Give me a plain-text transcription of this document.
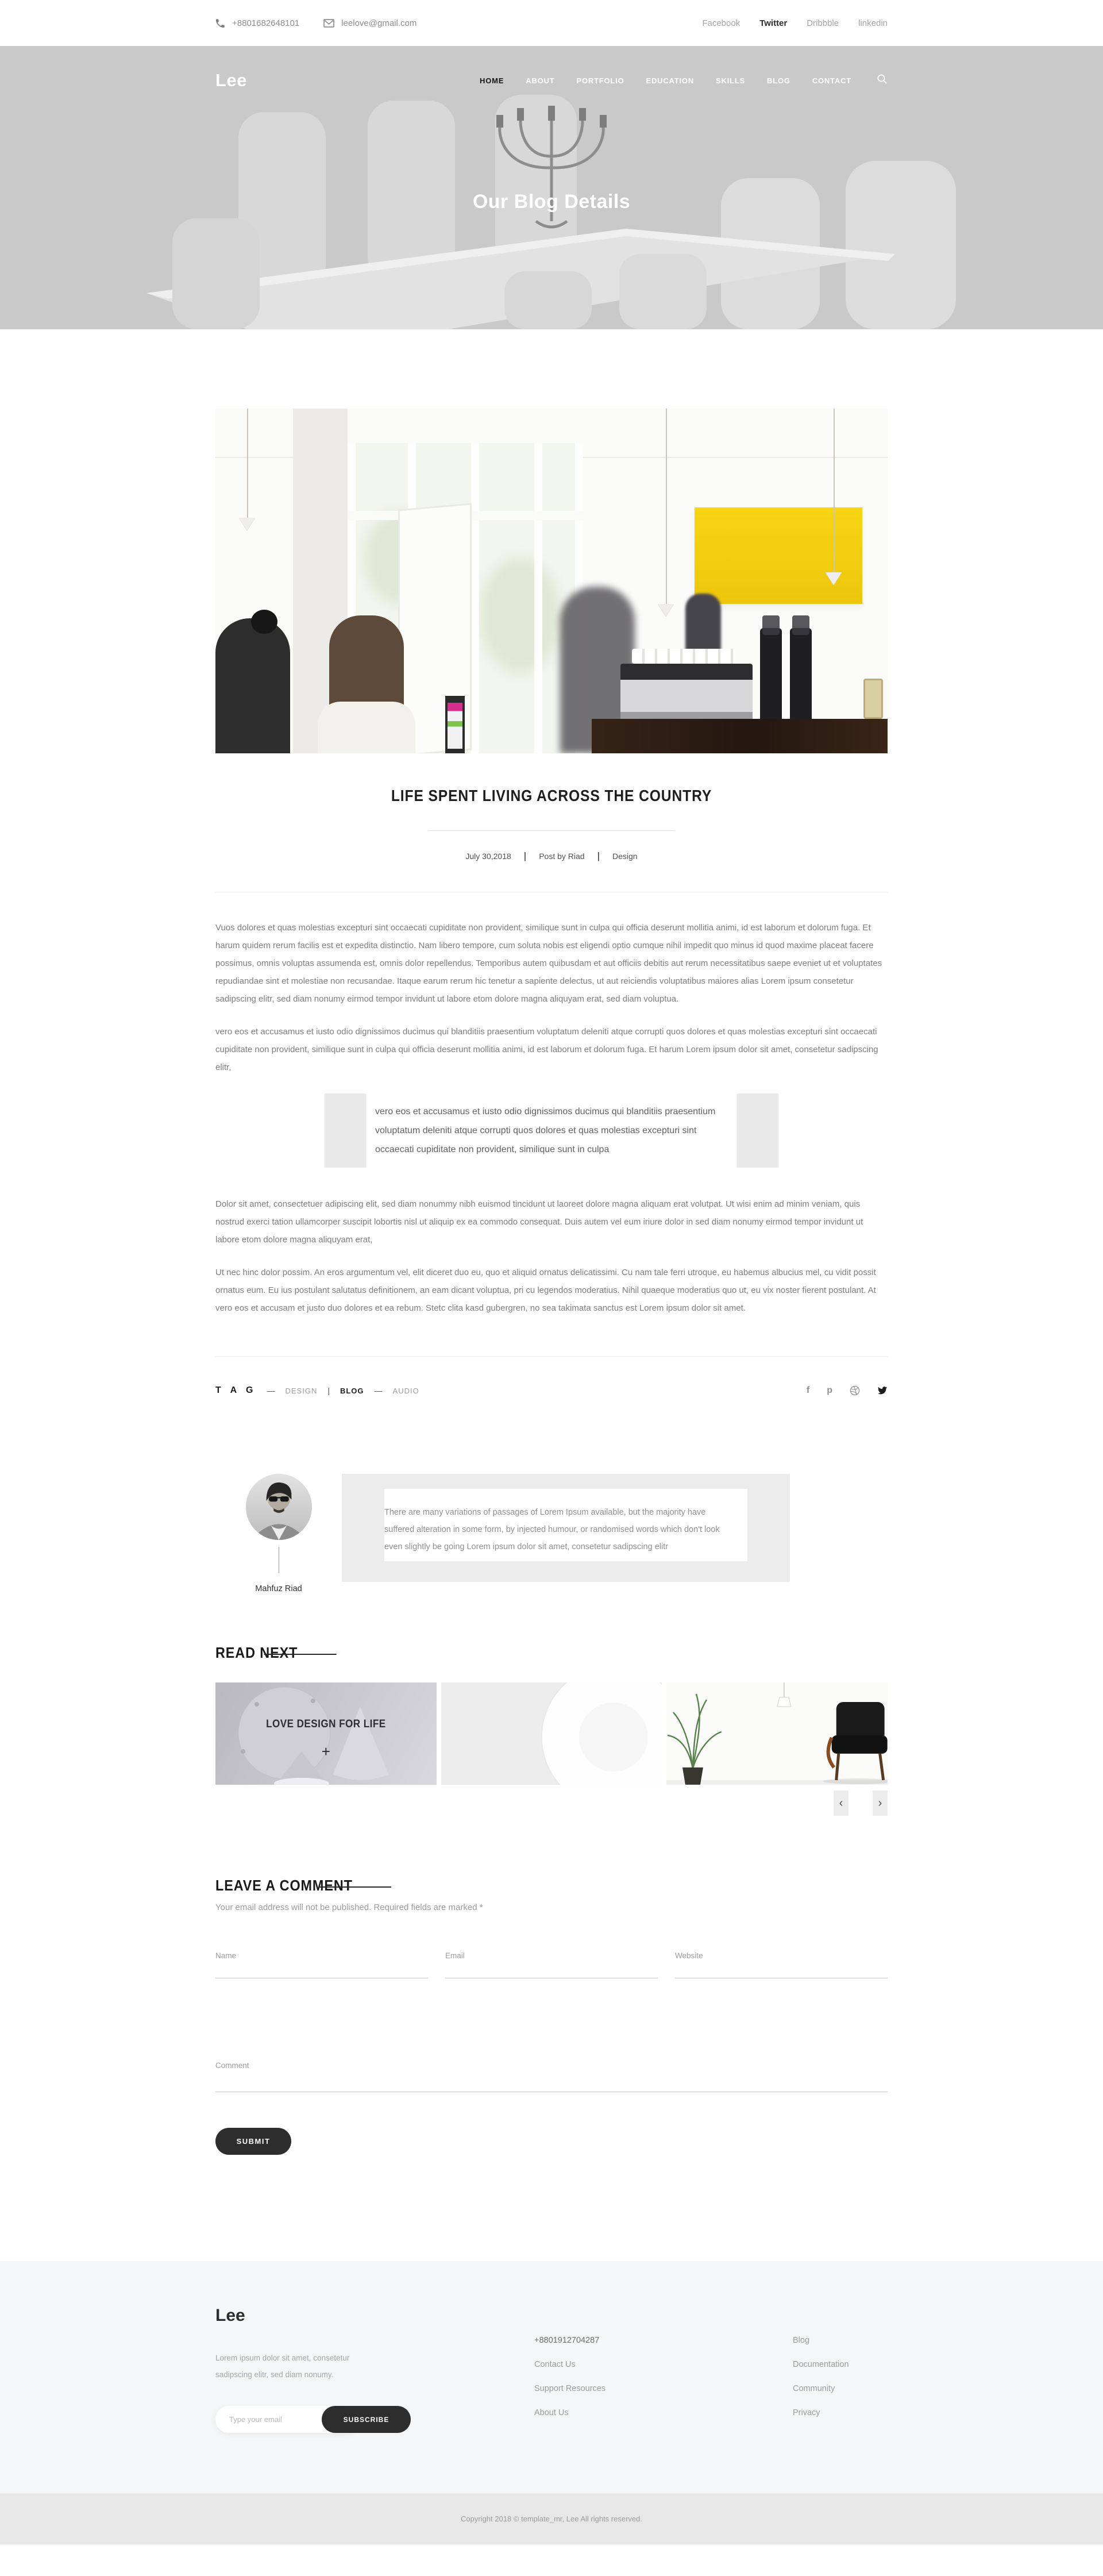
+8801682648101	leelove@gmail.com	Facebook Twitter Dribbble linkedin
Lee	HOME	ABOUT	PORTFOLIO	EDUCATION	SKILLS	BLOG	CONTACT
Our Blog Details
LIFE SPENT LIVING ACROSS THE COUNTRY
July 30,2018 | Post by Riad | Design

Vuos dolores et quas molestias excepturi sint occaecati cupiditate non provident, similique sunt in culpa qui officia deserunt mollitia animi, id est laborum et dolorum fuga. Et harum quidem rerum facilis est et expedita distinctio. Nam libero tempore, cum soluta nobis est eligendi optio cumque nihil impedit quo minus id quod maxime placeat facere possimus, omnis voluptas assumenda est, omnis dolor repellendus. Temporibus autem quibusdam et aut officiis debitis aut rerum necessitatibus saepe eveniet ut et voluptates repudiandae sint et molestiae non recusandae. Itaque earum rerum hic tenetur a sapiente delectus, ut aut reiciendis voluptatibus maiores alias Lorem ipsum consetetur sadipscing elitr, sed diam nonumy eirmod tempor invidunt ut labore etom dolore magna aliquyam erat, sed diam voluptua.

vero eos et accusamus et iusto odio dignissimos ducimus qui blanditiis praesentium voluptatum deleniti atque corrupti quos dolores et quas molestias excepturi sint occaecati cupiditate non provident, similique sunt in culpa qui officia deserunt mollitia animi, id est laborum et dolorum fuga. Et harum Lorem ipsum dolor sit amet, consetetur sadipscing elitr,

vero eos et accusamus et iusto odio dignissimos ducimus qui blanditiis praesentium voluptatum deleniti atque corrupti quos dolores et quas molestias excepturi sint occaecati cupiditate non provident, similique sunt in culpa

Dolor sit amet, consectetuer adipiscing elit, sed diam nonummy nibh euismod tincidunt ut laoreet dolore magna aliquam erat volutpat. Ut wisi enim ad minim veniam, quis nostrud exerci tation ullamcorper suscipit lobortis nisl ut aliquip ex ea commodo consequat. Duis autem vel eum iriure dolor in sed diam nonumy eirmod tempor invidunt ut labore etom dolore magna aliquyam erat,

Ut nec hinc dolor possim. An eros argumentum vel, elit diceret duo eu, quo et aliquid ornatus delicatissimi. Cu nam tale ferri utroque, eu habemus albucius mel, cu vidit possit ornatus eum. Eu ius postulant salutatus definitionem, an eam dicant voluptua, pri cu legendos moderatius. Nihil quaeque moderatius quo ut, eu vix noster fierent postulant. At vero eos et accusam et justo duo dolores et ea rebum. Stetc clita kasd gubergren, no sea takimata sanctus est Lorem ipsum dolor sit amet.

T A G — DESIGN | BLOG — AUDIO	f p
Mahfuz Riad

There are many variations of passages of Lorem Ipsum available, but the majority have suffered alteration in some form, by injected humour, or randomised words which don't look even slightly be going Lorem ipsum dolor sit amet, consetetur sadipscing elitr

READ NEXT
LOVE DESIGN FOR LIFE
+
‹	›
LEAVE A COMMENT

Your email address will not be published. Required fields are marked *

Name	Email	Website
Comment
SUBMIT
Lee

Lorem ipsum dolor sit amet, consetetur sadipscing elitr, sed diam nonumy.

Type your email
SUBSCRIBE
+8801912704287
Contact Us
Support Resources
About Us
Blog
Documentation
Community
Privacy
Copyright 2018 © template_mr, Lee All rights reserved.
